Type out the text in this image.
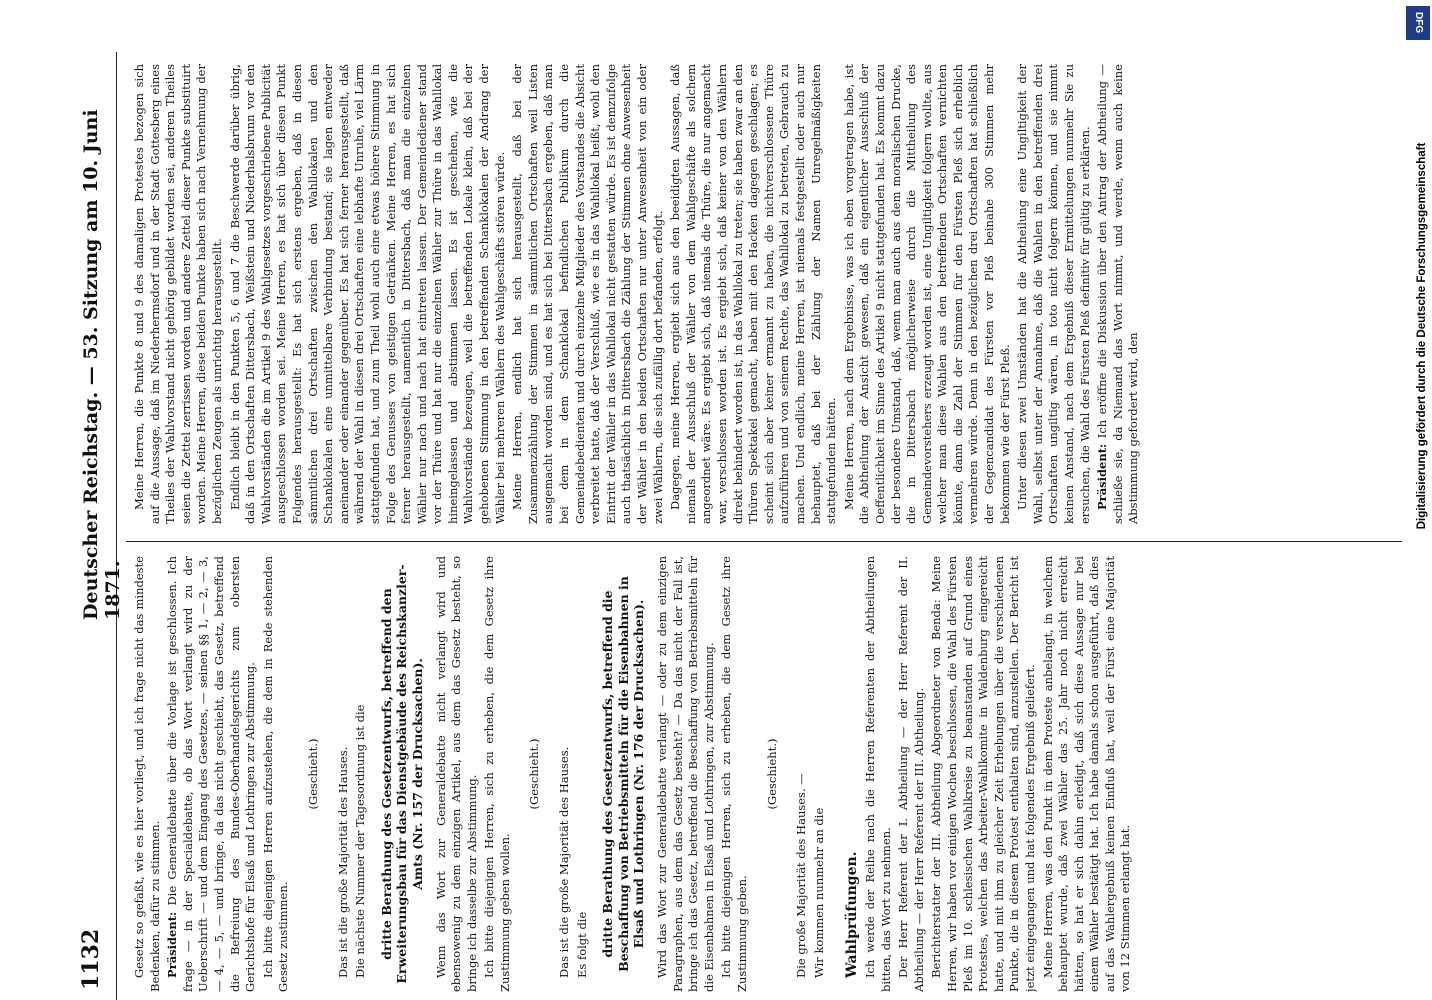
1132
Deutscher Reichstag. — 53. Sitzung am 10. Juni 1871. Gesetz so gefaßt, wie es hier vorliegt, und ich frage nicht das mindeste Bedenken, dafür zu stimmen. Präsident: Die Generaldebatte über die Vorlage ist geschlossen. Ich frage — in der Specialdebatte, ob das Wort verlangt wird zu der Ueberschrift — und dem Eingang des Gesetzes, — seinen §§ 1, — 2, — 3, — 4, — 5, — und bringe, da das nicht geschieht, das Gesetz, betreffend die Befreiung des Bundes-Oberhandelsgerichts zum obersten Gerichtshofe für Elsaß und Lothringen zur Abstimmung. Ich bitte diejenigen Herren aufzustehen, die dem in Rede stehenden Gesetz zustimmen.

(Geschieht.) Das ist die große Majorität des Hauses. Die nächste Nummer der Tagesordnung ist die dritte Berathung des Gesetzentwurfs, betreffend den Erweiterungsbau für das Dienstgebäude des Reichskanzler-Amts (Nr. 157 der Drucksachen). Wenn das Wort zur Generaldebatte nicht verlangt wird und ebensowenig zu dem einzigen Artikel, aus dem das Gesetz besteht, so bringe ich dasselbe zur Abstimmung. Ich bitte diejenigen Herren, sich zu erheben, die dem Gesetz ihre Zustimmung geben wollen.

(Geschieht.) Das ist die große Majorität des Hauses. Es folgt die dritte Berathung des Gesetzentwurfs, betreffend die Beschaffung von Betriebsmitteln für die Eisenbahnen in Elsaß und Lothringen (Nr. 176 der Drucksachen). Wird das Wort zur Generaldebatte verlangt — oder zu dem einzigen Paragraphen, aus dem das Gesetz besteht? — Da das nicht der Fall ist, bringe ich das Gesetz, betreffend die Beschaffung von Betriebsmitteln für die Eisenbahnen in Elsaß und Lothringen, zur Abstimmung. Ich bitte diejenigen Herren, sich zu erheben, die dem Gesetz ihre Zustimmung geben.

(Geschieht.) Die große Majorität des Hauses. — Wir kommen nunmehr an die Wahlprüfungen. Ich werde der Reihe nach die Herren Referenten der Abtheilungen bitten, das Wort zu nehmen. Der Herr Referent der I. Abtheilung — der Herr Referent der II. Abtheilung — der Herr Referent der III. Abtheilung. Berichterstatter der III. Abtheilung Abgeordneter von Benda: Meine Herren, wir haben vor einigen Wochen beschlossen, die Wahl des Fürsten Pleß im 10. schlesischen Wahlkreise zu beanstanden auf Grund eines Protestes, welchen das Arbeiter-Wahlkomite in Waldenburg eingereicht hatte, und mit ihm zu gleicher Zeit Erhebungen über die verschiedenen Punkte, die in diesem Protest enthalten sind, anzustellen. Der Bericht ist jetzt eingegangen und hat folgendes Ergebniß geliefert. Meine Herren, was den Punkt in dem Proteste anbelangt, in welchem behauptet wurde, daß zwei Wähler das 25. Jahr noch nicht erreicht hätten, so hat er sich dahin erledigt, daß sich diese Aussage nur bei einem Wähler bestätigt hat. Ich habe damals schon ausgeführt, daß dies auf das Wahlergebniß keinen Einfluß hat, weil der Fürst eine Majorität von 12 Stimmen erlangt hat.

Meine Herren, die Punkte 8 und 9 des damaligen Protestes bezogen sich auf die Aussage, daß im Niederhermsdorf und in der Stadt Gottesberg eines Theiles der Wahlvorstand nicht gehörig gebildet worden sei, anderen Theiles seien die Zettel zerrissen worden und andere Zettel dieser Punkte substituirt worden. Meine Herren, diese beiden Punkte haben sich nach Vernehmung der bezüglichen Zeugen als unrichtig herausgestellt. Endlich bleibt in den Punkten 5, 6 und 7 die Beschwerde darüber übrig, daß in den Ortschaften Dittersbach, Weißstein und Niederhalsbrunn vor den Wahlvorständen die im Artikel 9 des Wahlgesetzes vorgeschriebene Publicität ausgeschlossen worden sei. Meine Herren, es hat sich über diesen Punkt Folgendes herausgestellt: Es hat sich erstens ergeben, daß in diesen sämmtlichen drei Ortschaften zwischen den Wahllokalen und den Schanklokalen eine unmittelbare Verbindung bestand; sie lagen entweder aneinander oder einander gegenüber. Es hat sich ferner herausgestellt, daß während der Wahl in diesen drei Ortschaften eine lebhafte Unruhe, viel Lärm stattgefunden hat, und zum Theil wohl auch eine etwas höhere Stimmung in Folge des Genusses von geistigen Getränken. Meine Herren, es hat sich ferner herausgestellt, namentlich in Dittersbach, daß man die einzelnen Wähler nur nach und nach hat eintreten lassen. Der Gemeindediener stand vor der Thüre und hat nur die einzelnen Wähler zur Thüre in das Wahllokal hineingelassen und abstimmen lassen. Es ist geschehen, wie die Wahlvorstände bezeugen, weil die betreffenden Lokale klein, daß bei der gehobenen Stimmung in den betreffenden Schanklokalen der Andrang der Wähler bei mehreren Wählern des Wahlgeschäfts stören würde. Meine Herren, endlich hat sich herausgestellt, daß bei der Zusammenzählung der Stimmen in sämmtlichen Ortschaften weil Listen ausgemacht worden sind, und es hat sich bei Dittersbach ergeben, daß man bei dem in dem Schanklokal befindlichen Publikum durch die Gemeindebedienten und durch einzelne Mitglieder des Vorstandes die Absicht verbreitet hatte, daß der Verschluß, wie es in das Wahllokal heißt, wohl den Eintritt der Wähler in das Wahllokal nicht gestatten würde. Es ist demzufolge auch thatsächlich in Dittersbach die Zählung der Stimmen ohne Anwesenheit der Wähler in den beiden Ortschaften nur unter Anwesenheit von ein oder zwei Wählern, die sich zufällig dort befanden, erfolgt. Dagegen, meine Herren, ergiebt sich aus den beeidigten Aussagen, daß niemals der Ausschluß der Wähler von dem Wahlgeschäfte als solchem angeordnet wäre. Es ergiebt sich, daß niemals die Thüre, die nur angemacht war, verschlossen worden ist. Es ergiebt sich, daß keiner von den Wählern direkt behindert worden ist, in das Wahllokal zu treten; sie haben zwar an den Thüren Spektakel gemacht, haben mit den Hacken dagegen geschlagen; es scheint sich aber keiner ermannt zu haben, die nichtverschlossene Thüre aufzuführen und von seinem Rechte, das Wahllokal zu betreten, Gebrauch zu machen. Und endlich, meine Herren, ist niemals festgestellt oder auch nur behauptet, daß bei der Zählung der Namen Unregelmäßigkeiten stattgefunden hätten. Meine Herren, nach dem Ergebnisse, was ich eben vorgetragen habe, ist die Abtheilung der Ansicht gewesen, daß ein eigentlicher Ausschluß der Oeffentlichkeit im Sinne des Artikel 9 nicht stattgefunden hat. Es kommt dazu der besondere Umstand, daß, wenn man auch aus dem moralischen Drucke, die in Dittersbach möglicherweise durch die Mittheilung des Gemeindevorstehers erzeugt worden ist, eine Ungiltigkeit folgern wollte, aus welcher man diese Wahlen aus den betreffenden Ortschaften vernichten könnte, dann die Zahl der Stimmen für den Fürsten Pleß sich erheblich vermehren würde. Denn in den bezüglichen drei Ortschaften hat schließlich der Gegencandidat des Fürsten vor Pleß beinahe 300 Stimmen mehr bekommen wie der Fürst Pleß. Unter diesen zwei Umständen hat die Abtheilung eine Ungiltigkeit der Wahl, selbst unter der Annahme, daß die Wahlen in den betreffenden drei Ortschaften ungiltig wären, in toto nicht folgern können, und sie nimmt keinen Anstand, nach dem Ergebniß dieser Ermittelungen nunmehr Sie zu ersuchen, die Wahl des Fürsten Pleß definitiv für gültig zu erklären. Präsident: Ich eröffne die Diskussion über den Antrag der Abtheilung — schließe sie, da Niemand das Wort nimmt, und werde, wenn auch keine Abstimmung gefordert wird, den

DFG
Digitalisierung gefördert durch die Deutsche Forschungsgemeinschaft
